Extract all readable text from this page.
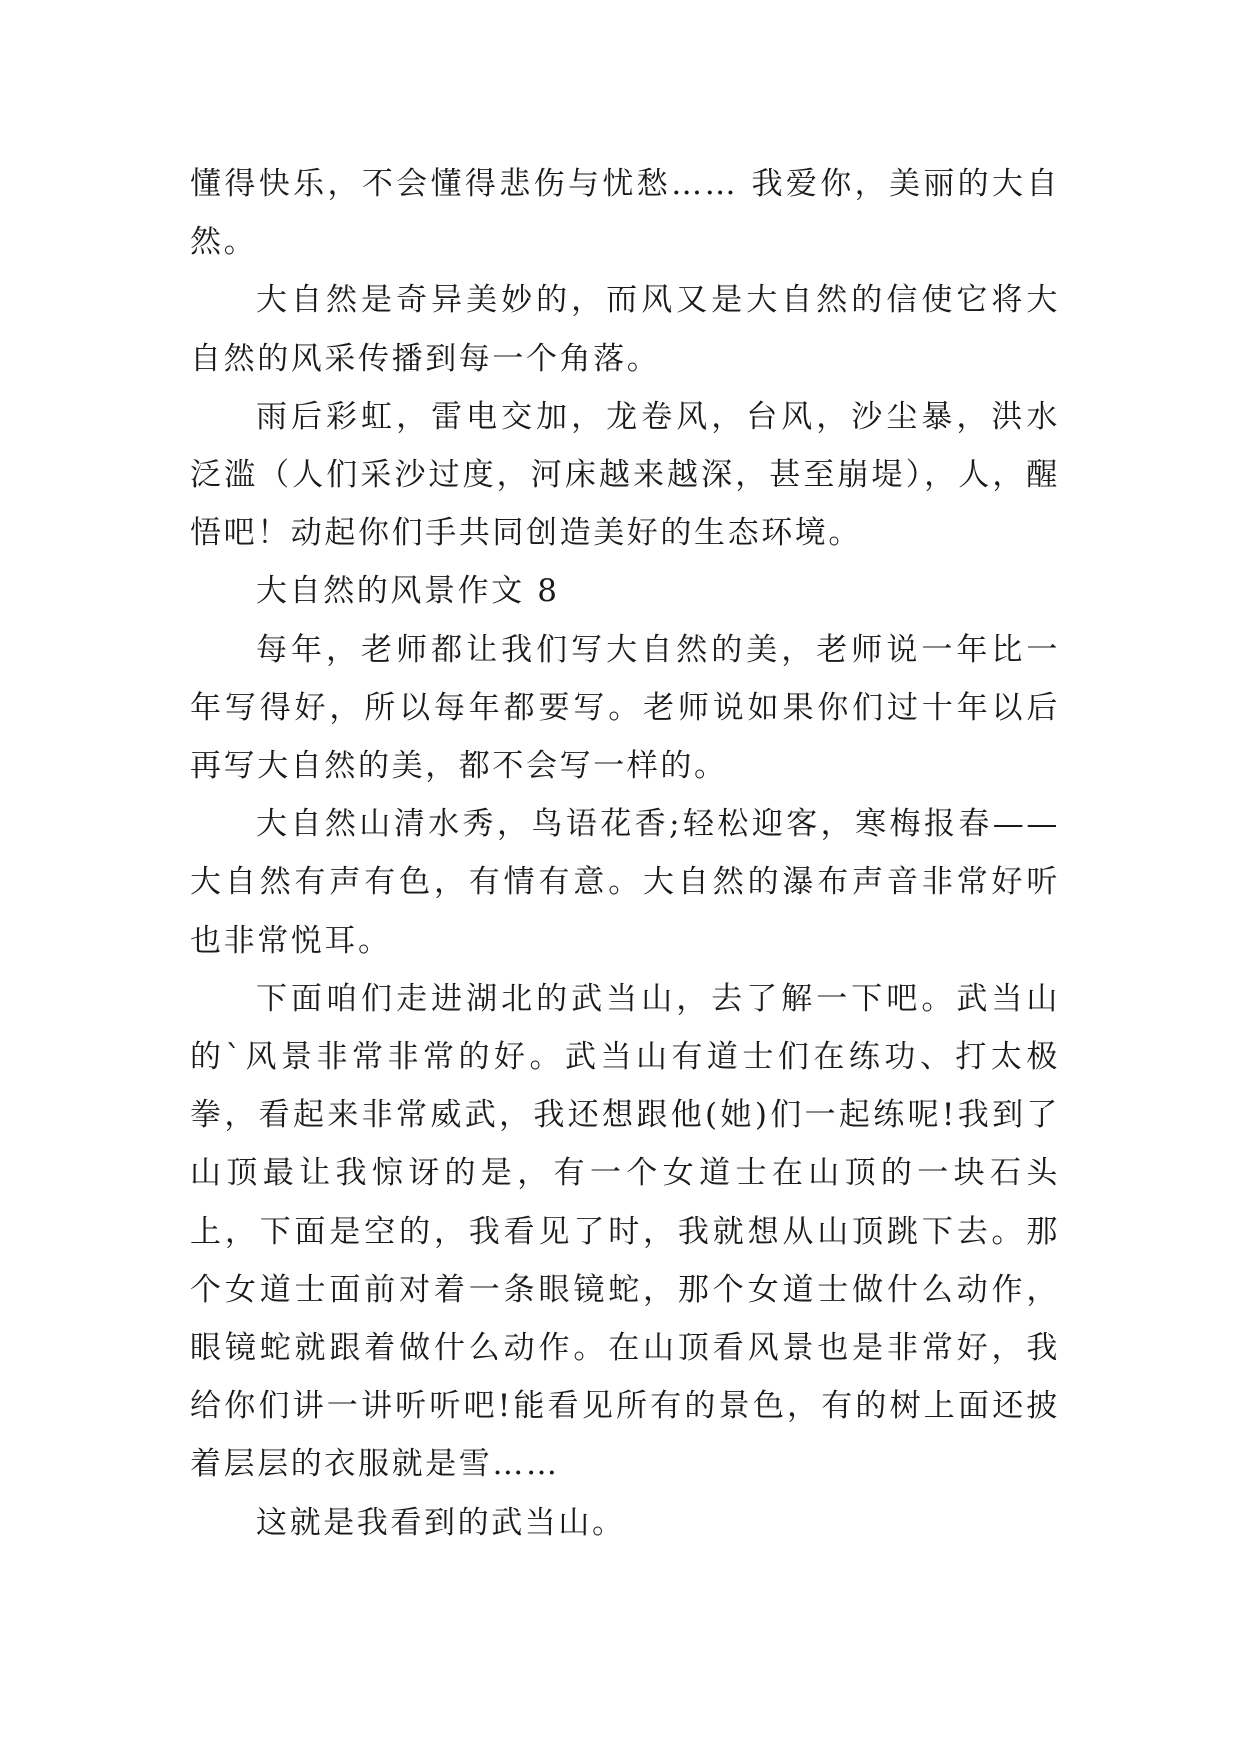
懂得快乐，不会懂得悲伤与忧愁…… 我爱你，美丽的大自然。

大自然是奇异美妙的，而风又是大自然的信使它将大自然的风采传播到每一个角落。

雨后彩虹，雷电交加，龙卷风，台风，沙尘暴，洪水泛滥（人们采沙过度，河床越来越深，甚至崩堤），人，醒悟吧！动起你们手共同创造美好的生态环境。

大自然的风景作文 8

每年，老师都让我们写大自然的美，老师说一年比一年写得好，所以每年都要写。老师说如果你们过十年以后再写大自然的美，都不会写一样的。

大自然山清水秀，鸟语花香;轻松迎客，寒梅报春——大自然有声有色，有情有意。大自然的瀑布声音非常好听也非常悦耳。

下面咱们走进湖北的武当山，去了解一下吧。武当山的`风景非常非常的好。武当山有道士们在练功、打太极拳，看起来非常威武，我还想跟他(她)们一起练呢!我到了山顶最让我惊讶的是，有一个女道士在山顶的一块石头上，下面是空的，我看见了时，我就想从山顶跳下去。那个女道士面前对着一条眼镜蛇，那个女道士做什么动作，眼镜蛇就跟着做什么动作。在山顶看风景也是非常好，我给你们讲一讲听听吧!能看见所有的景色，有的树上面还披着层层的衣服就是雪……

这就是我看到的武当山。
